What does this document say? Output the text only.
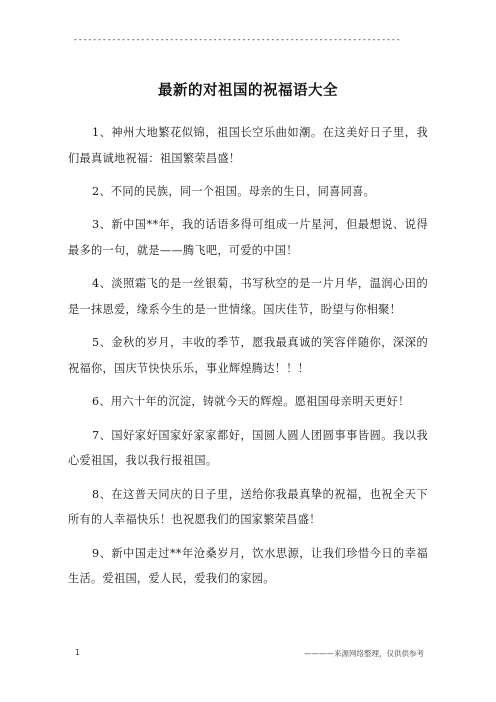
--------------------------------------------------------------------
最新的对祖国的祝福语大全

1、神州大地繁花似锦，祖国长空乐曲如潮。在这美好日子里，我们最真诚地祝福：祖国繁荣昌盛！

2、不同的民族，同一个祖国。母亲的生日，同喜同喜。

3、新中国**年，我的话语多得可组成一片星河，但最想说、说得最多的一句，就是——腾飞吧，可爱的中国！

4、淡照霜飞的是一丝银菊，书写秋空的是一片月华，温润心田的是一抹恩爱，缘系今生的是一世情缘。国庆佳节，盼望与你相聚！

5、金秋的岁月，丰收的季节，愿我最真诚的笑容伴随你，深深的祝福你，国庆节快快乐乐，事业辉煌腾达！！！

6、用六十年的沉淀，铸就今天的辉煌。愿祖国母亲明天更好！

7、国好家好国家好家家都好，国圆人圆人团圆事事皆圆。我以我心爱祖国，我以我行报祖国。

8、在这普天同庆的日子里，送给你我最真挚的祝福，也祝全天下所有的人幸福快乐！也祝愿我们的国家繁荣昌盛！

9、新中国走过**年沧桑岁月，饮水思源，让我们珍惜今日的幸福生活。爱祖国，爱人民，爱我们的家园。

1	————来源网络整理，仅供供参考
